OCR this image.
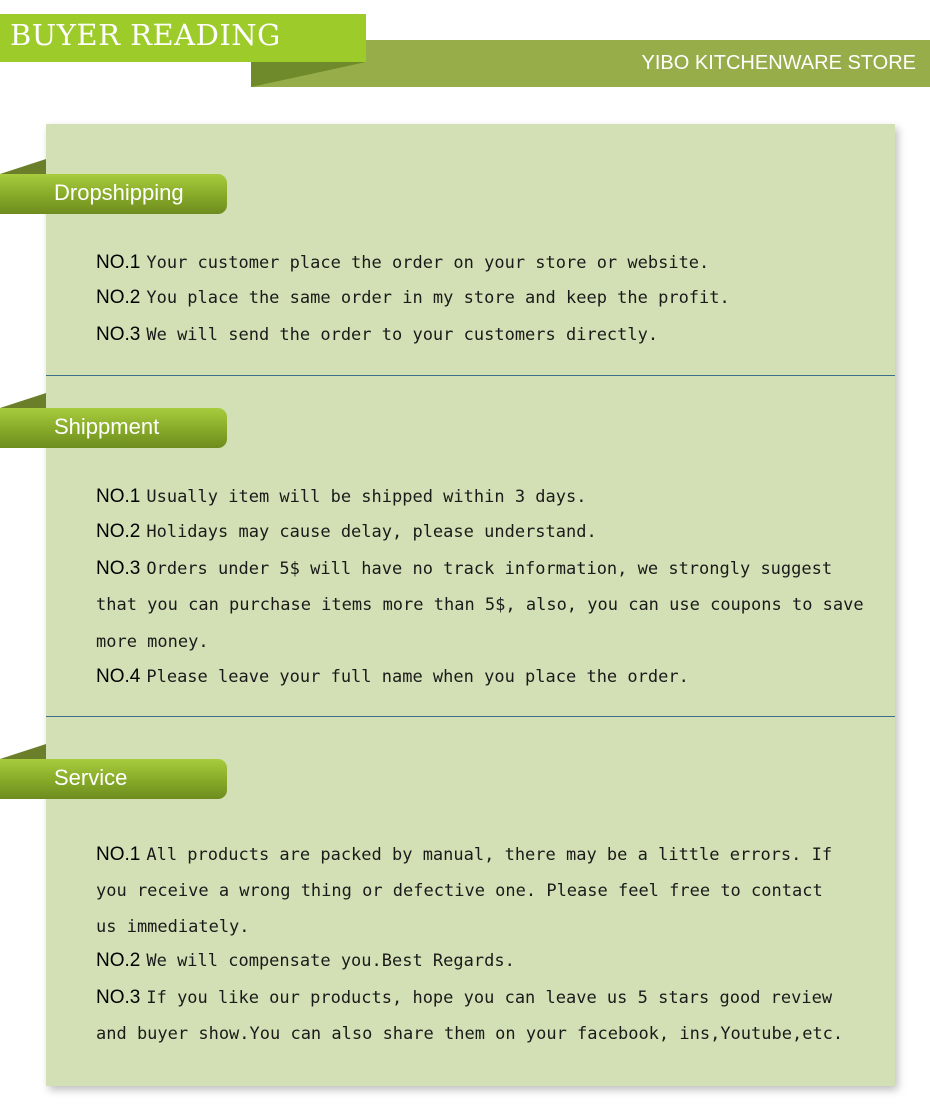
BUYER READING
YIBO KITCHENWARE STORE
Dropshipping
NO.1 Your customer place the order on your store or website.
NO.2 You place the same order in my store and keep the profit.
NO.3 We will send the order to your customers directly.
Shippment
NO.1 Usually item will be shipped within 3 days.
NO.2 Holidays may cause delay, please understand.
NO.3 Orders under 5$ will have no track information, we strongly suggest
that you can purchase items more than 5$, also, you can use coupons to save
more money.
NO.4 Please leave your full name when you place the order.
Service
NO.1 All products are packed by manual, there may be a little errors. If
you receive a wrong thing or defective one. Please feel free to contact
us immediately.
NO.2 We will compensate you.Best Regards.
NO.3 If you like our products, hope you can leave us 5 stars good review
and buyer show.You can also share them on your facebook, ins,Youtube,etc.
